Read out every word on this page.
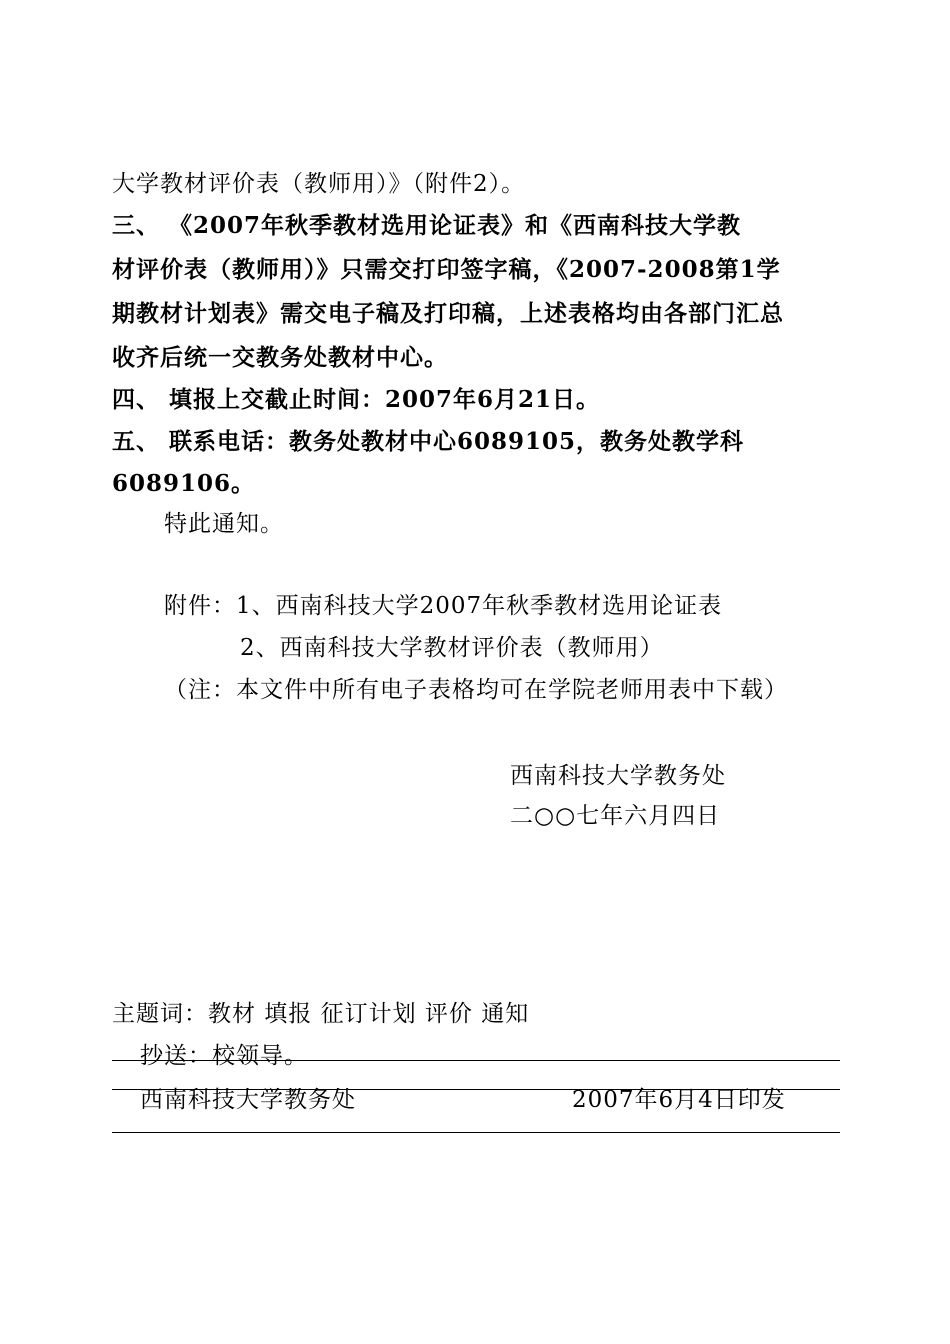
大学教材评价表（教师用）》（附件2）。
三、 《2007年秋季教材选用论证表》和《西南科技大学教
材评价表（教师用）》只需交打印签字稿，《2007-2008第1学
期教材计划表》需交电子稿及打印稿，上述表格均由各部门汇总
收齐后统一交教务处教材中心。
四、 填报上交截止时间：2007年6月21日。
五、 联系电话：教务处教材中心6089105，教务处教学科
6089106。
特此通知。
附件：1、西南科技大学2007年秋季教材选用论证表
2、西南科技大学教材评价表（教师用）
（注：本文件中所有电子表格均可在学院老师用表中下载）
西南科技大学教务处
二○○七年六月四日
主题词：教材 填报 征订计划 评价 通知
抄送：校领导。
西南科技大学教务处	2007年6月4日印发
